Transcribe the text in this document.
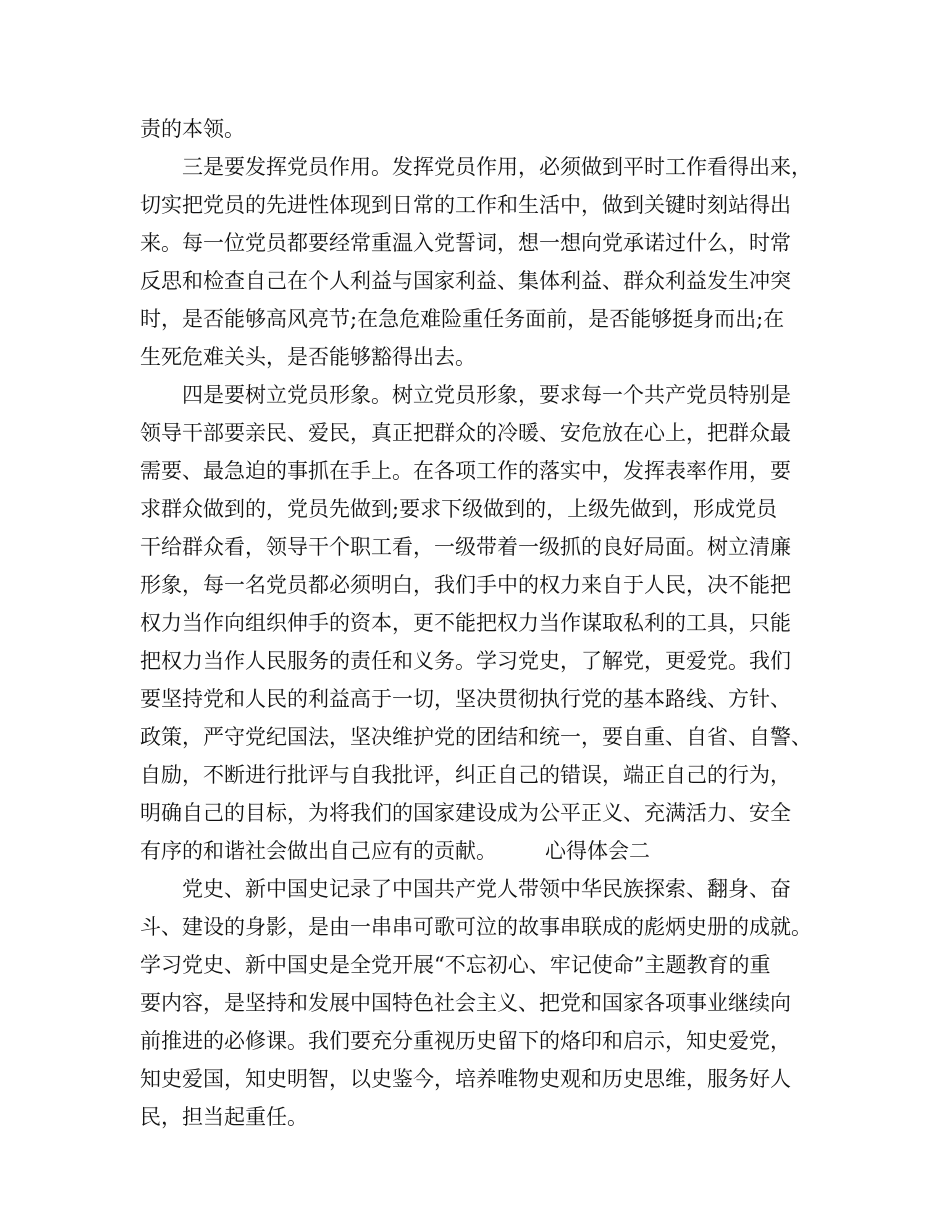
责的本领。
三是要发挥党员作用。发挥党员作用，必须做到平时工作看得出来，
切实把党员的先进性体现到日常的工作和生活中，做到关键时刻站得出
来。每一位党员都要经常重温入党誓词，想一想向党承诺过什么，时常
反思和检查自己在个人利益与国家利益、集体利益、群众利益发生冲突
时，是否能够高风亮节;在急危难险重任务面前，是否能够挺身而出;在
生死危难关头，是否能够豁得出去。
四是要树立党员形象。树立党员形象，要求每一个共产党员特别是
领导干部要亲民、爱民，真正把群众的冷暖、安危放在心上，把群众最
需要、最急迫的事抓在手上。在各项工作的落实中，发挥表率作用，要
求群众做到的，党员先做到;要求下级做到的，上级先做到，形成党员
干给群众看，领导干个职工看，一级带着一级抓的良好局面。树立清廉
形象，每一名党员都必须明白，我们手中的权力来自于人民，决不能把
权力当作向组织伸手的资本，更不能把权力当作谋取私利的工具，只能
把权力当作人民服务的责任和义务。学习党史，了解党，更爱党。我们
要坚持党和人民的利益高于一切，坚决贯彻执行党的基本路线、方针、
政策，严守党纪国法，坚决维护党的团结和统一，要自重、自省、自警、
自励，不断进行批评与自我批评，纠正自己的错误，端正自己的行为，
明确自己的目标，为将我们的国家建设成为公平正义、充满活力、安全
有序的和谐社会做出自己应有的贡献。 心得体会二
党史、新中国史记录了中国共产党人带领中华民族探索、翻身、奋
斗、建设的身影，是由一串串可歌可泣的故事串联成的彪炳史册的成就。
学习党史、新中国史是全党开展“不忘初心、牢记使命”主题教育的重
要内容，是坚持和发展中国特色社会主义、把党和国家各项事业继续向
前推进的必修课。我们要充分重视历史留下的烙印和启示，知史爱党，
知史爱国，知史明智，以史鉴今，培养唯物史观和历史思维，服务好人
民，担当起重任。
